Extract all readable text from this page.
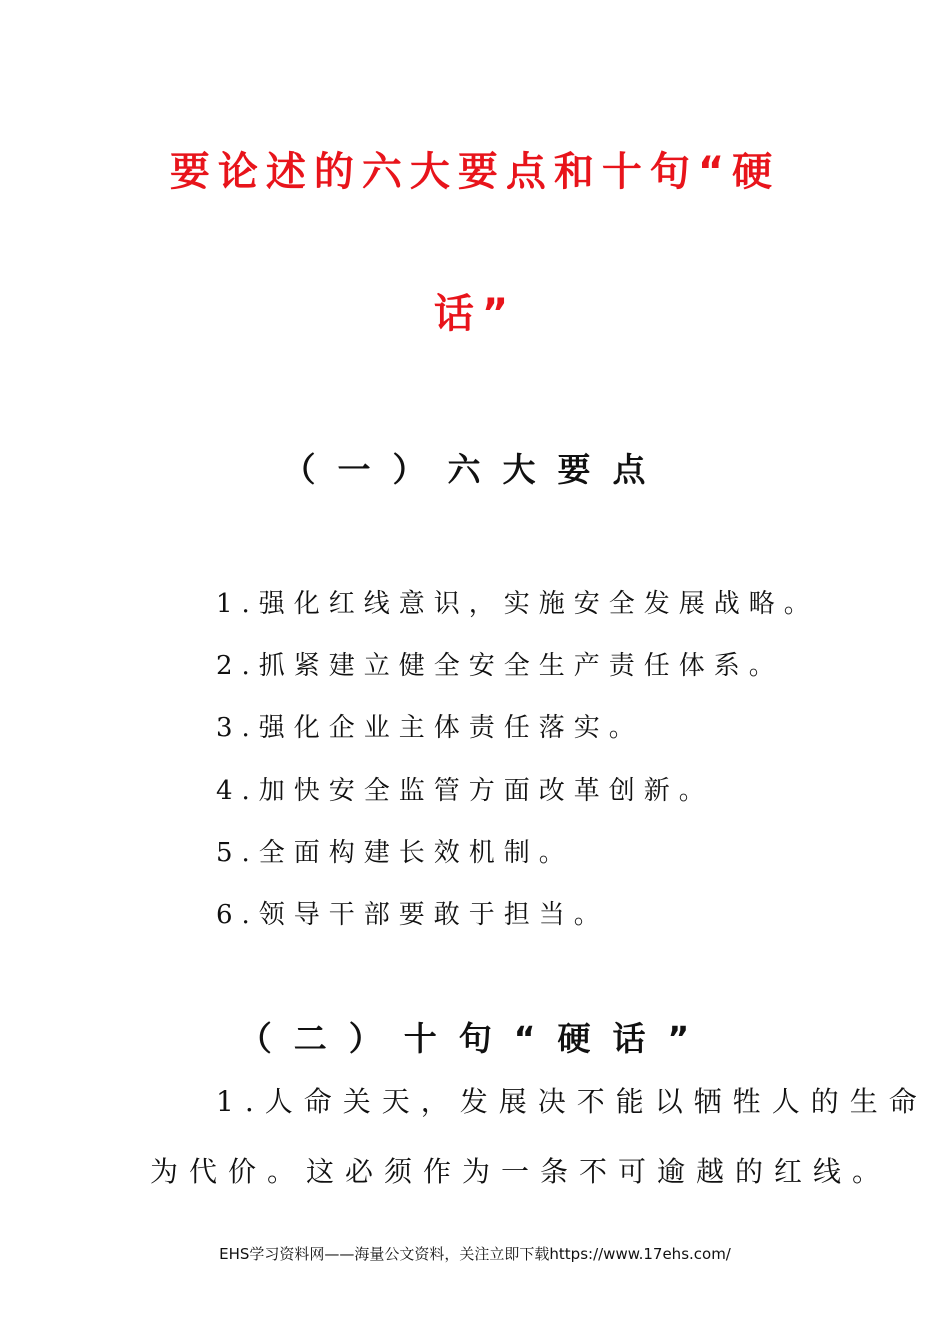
要论述的六大要点和十句“硬
话”
（一）六大要点
1.强化红线意识，实施安全发展战略。
2.抓紧建立健全安全生产责任体系。
3.强化企业主体责任落实。
4.加快安全监管方面改革创新。
5.全面构建长效机制。
6.领导干部要敢于担当。
（二）十句“硬话”
1.人命关天，发展决不能以牺牲人的生命
为代价。这必须作为一条不可逾越的红线。
EHS学习资料网——海量公文资料，关注立即下载https://www.17ehs.com/
